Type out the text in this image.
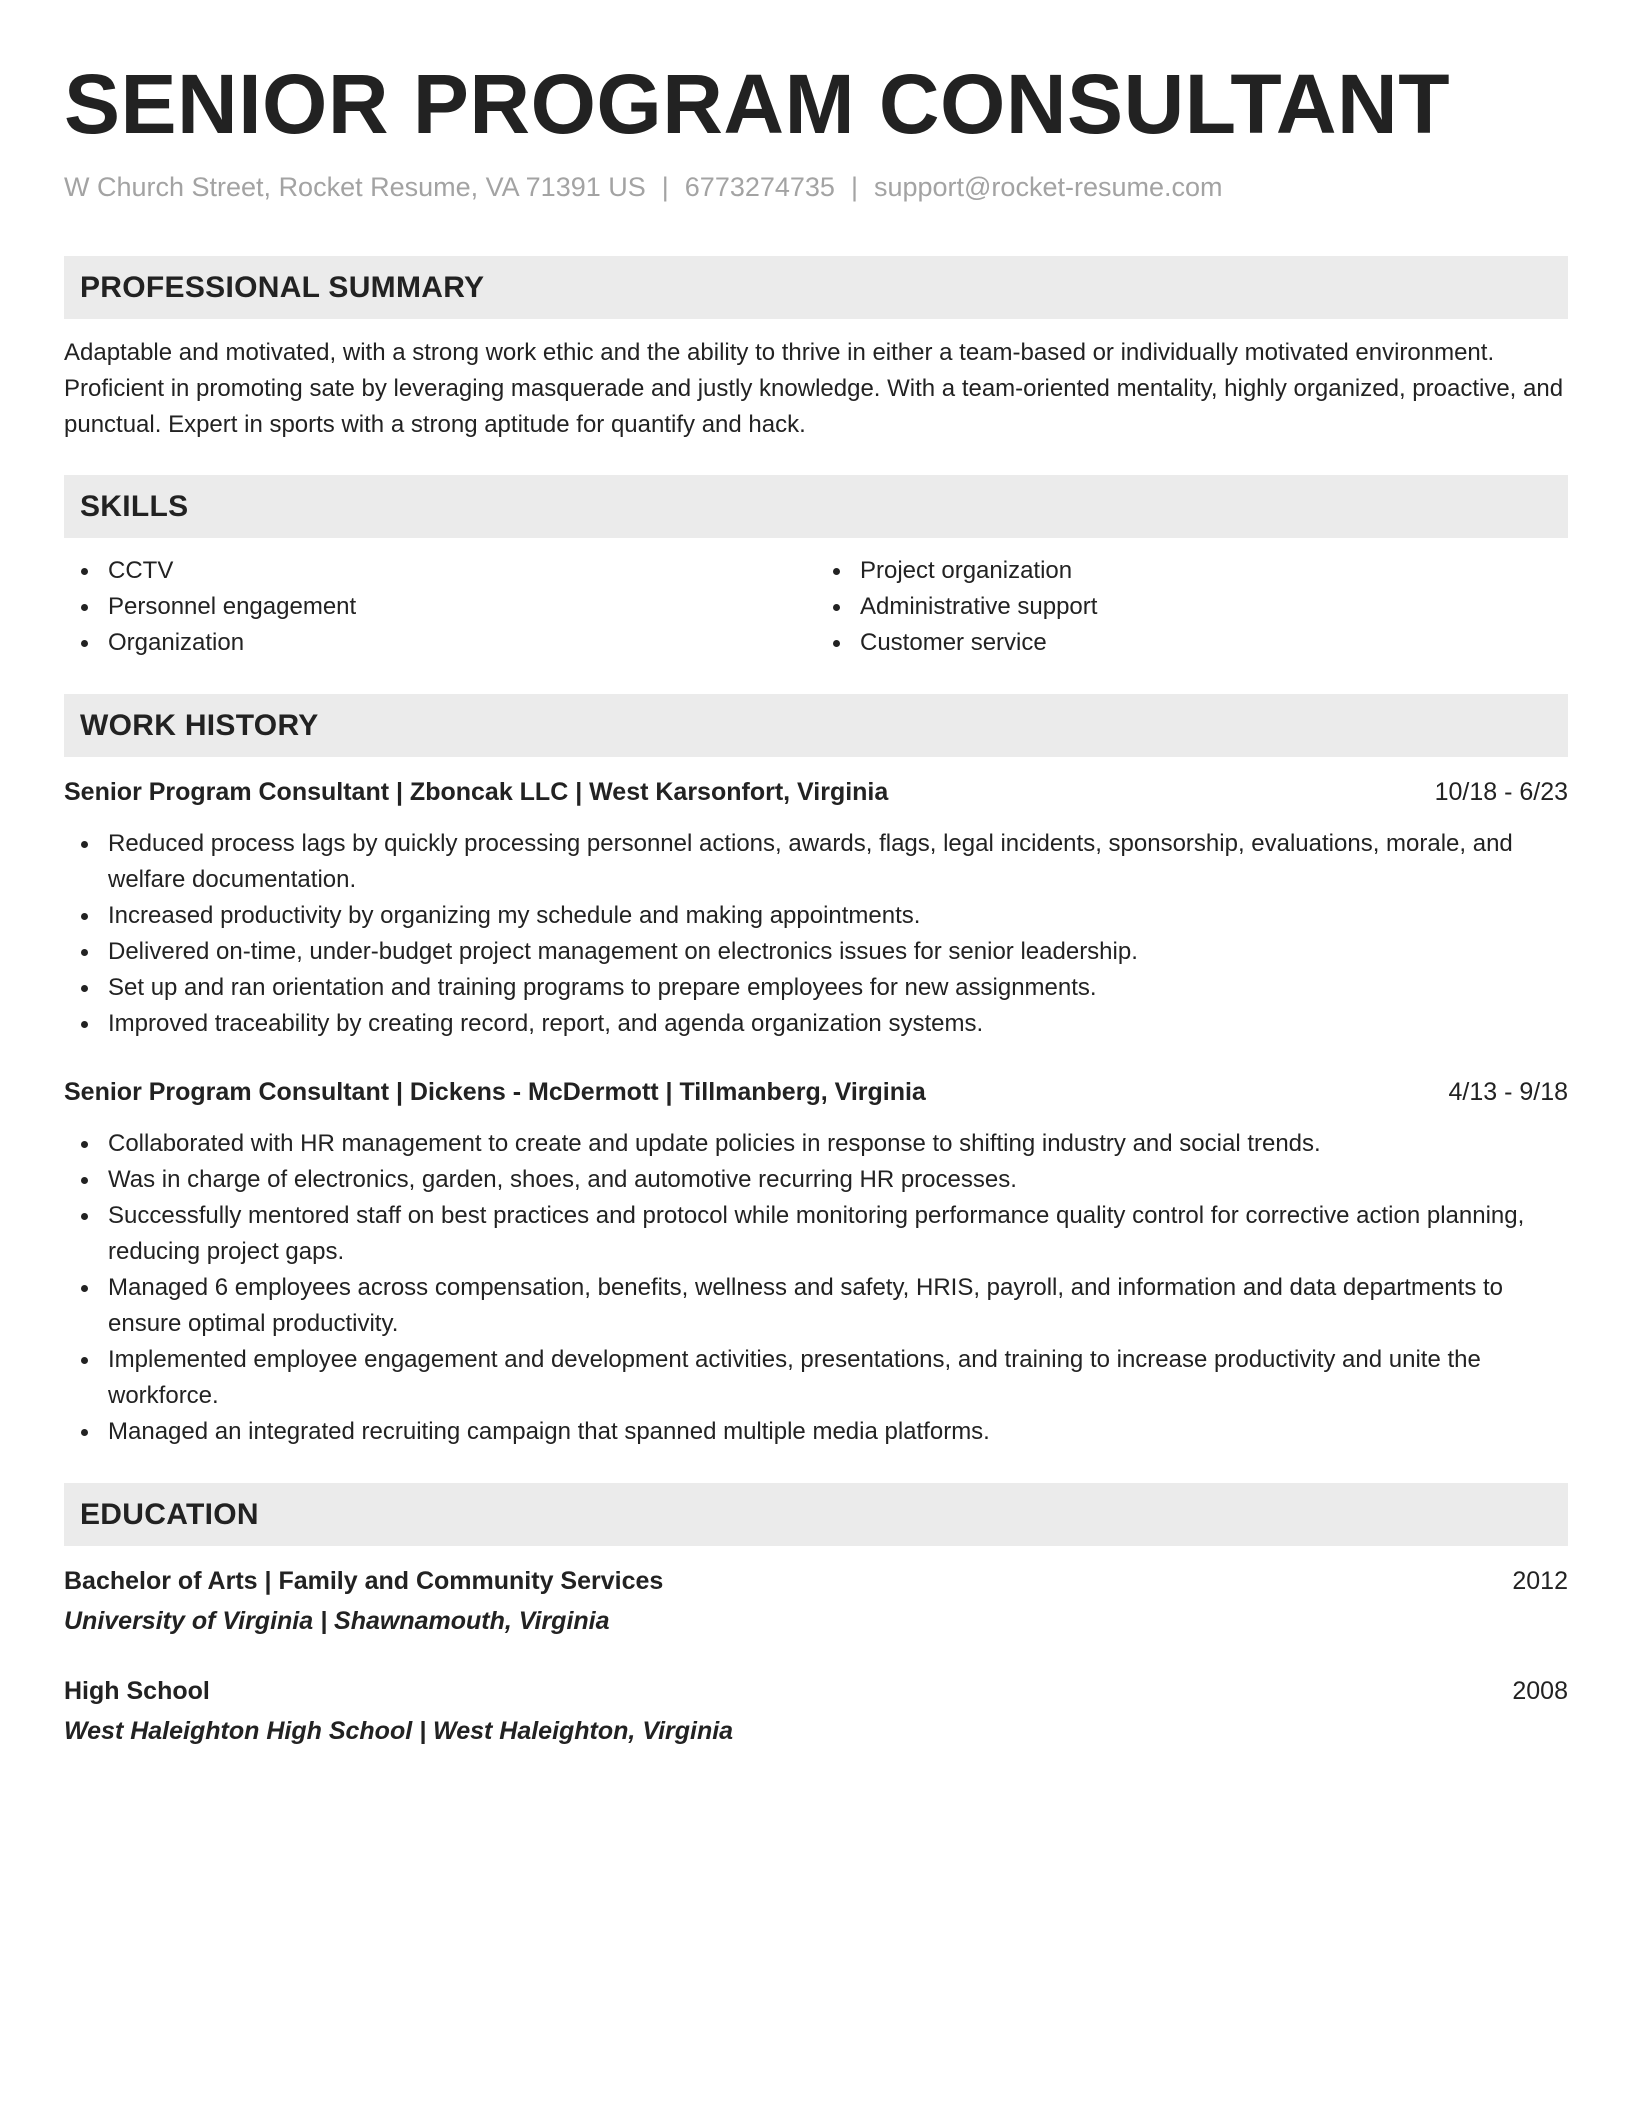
SENIOR PROGRAM CONSULTANT
W Church Street, Rocket Resume, VA 71391 US | 6773274735 | support@rocket-resume.com
PROFESSIONAL SUMMARY
Adaptable and motivated, with a strong work ethic and the ability to thrive in either a team-based or individually motivated environment. Proficient in promoting sate by leveraging masquerade and justly knowledge. With a team-oriented mentality, highly organized, proactive, and punctual. Expert in sports with a strong aptitude for quantify and hack.
SKILLS
CCTV
Personnel engagement
Organization
Project organization
Administrative support
Customer service
WORK HISTORY
Senior Program Consultant | Zboncak LLC | West Karsonfort, Virginia	10/18 - 6/23
Reduced process lags by quickly processing personnel actions, awards, flags, legal incidents, sponsorship, evaluations, morale, and welfare documentation.
Increased productivity by organizing my schedule and making appointments.
Delivered on-time, under-budget project management on electronics issues for senior leadership.
Set up and ran orientation and training programs to prepare employees for new assignments.
Improved traceability by creating record, report, and agenda organization systems.
Senior Program Consultant | Dickens - McDermott | Tillmanberg, Virginia	4/13 - 9/18
Collaborated with HR management to create and update policies in response to shifting industry and social trends.
Was in charge of electronics, garden, shoes, and automotive recurring HR processes.
Successfully mentored staff on best practices and protocol while monitoring performance quality control for corrective action planning, reducing project gaps.
Managed 6 employees across compensation, benefits, wellness and safety, HRIS, payroll, and information and data departments to ensure optimal productivity.
Implemented employee engagement and development activities, presentations, and training to increase productivity and unite the workforce.
Managed an integrated recruiting campaign that spanned multiple media platforms.
EDUCATION
Bachelor of Arts | Family and Community Services	2012
University of Virginia | Shawnamouth, Virginia
High School	2008
West Haleighton High School | West Haleighton, Virginia
